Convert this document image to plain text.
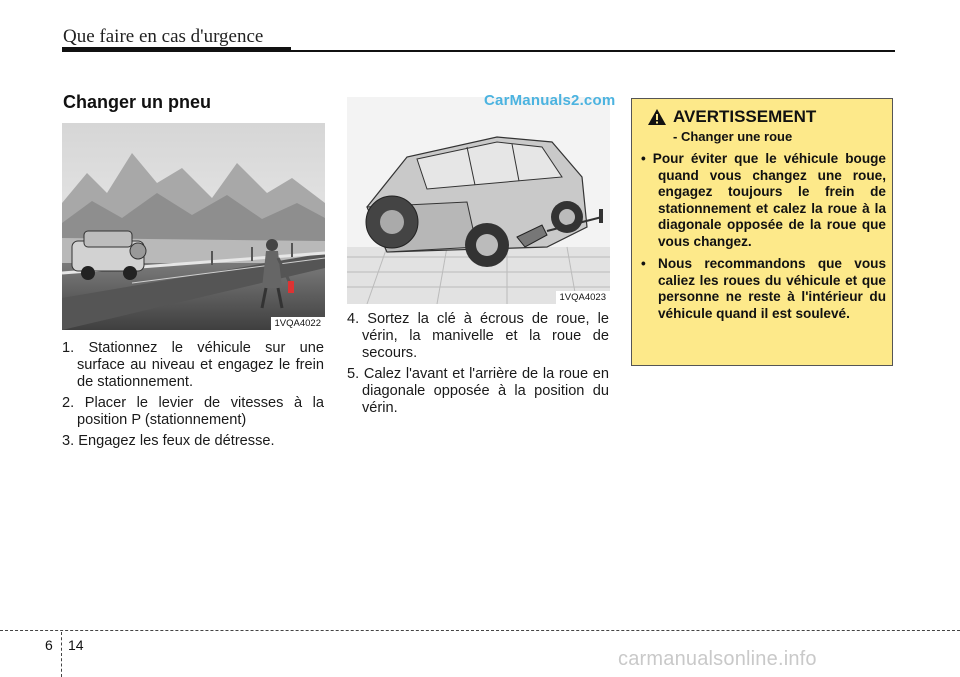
Que faire en cas d'urgence
Changer un pneu
1VQA4022
1VQA4023
CarManuals2.com
1. Stationnez le véhicule sur une surface au niveau et engagez le frein de stationnement.
2. Placer le levier de vitesses à la position P (stationnement)
3. Engagez les feux de détresse.
4. Sortez la clé à écrous de roue, le vérin, la manivelle et la roue de secours.
5. Calez l'avant et l'arrière de la roue en diagonale opposée à la position du vérin.
AVERTISSEMENT
- Changer une roue
• Pour éviter que le véhicule bouge quand vous changez une roue, engagez toujours le frein de stationnement et calez la roue à la diagonale opposée de la roue que vous changez.
• Nous recommandons que vous caliez les roues du véhicule et que personne ne reste à l'intérieur du véhicule quand il est soulevé.
6 14
carmanualsonline.info
